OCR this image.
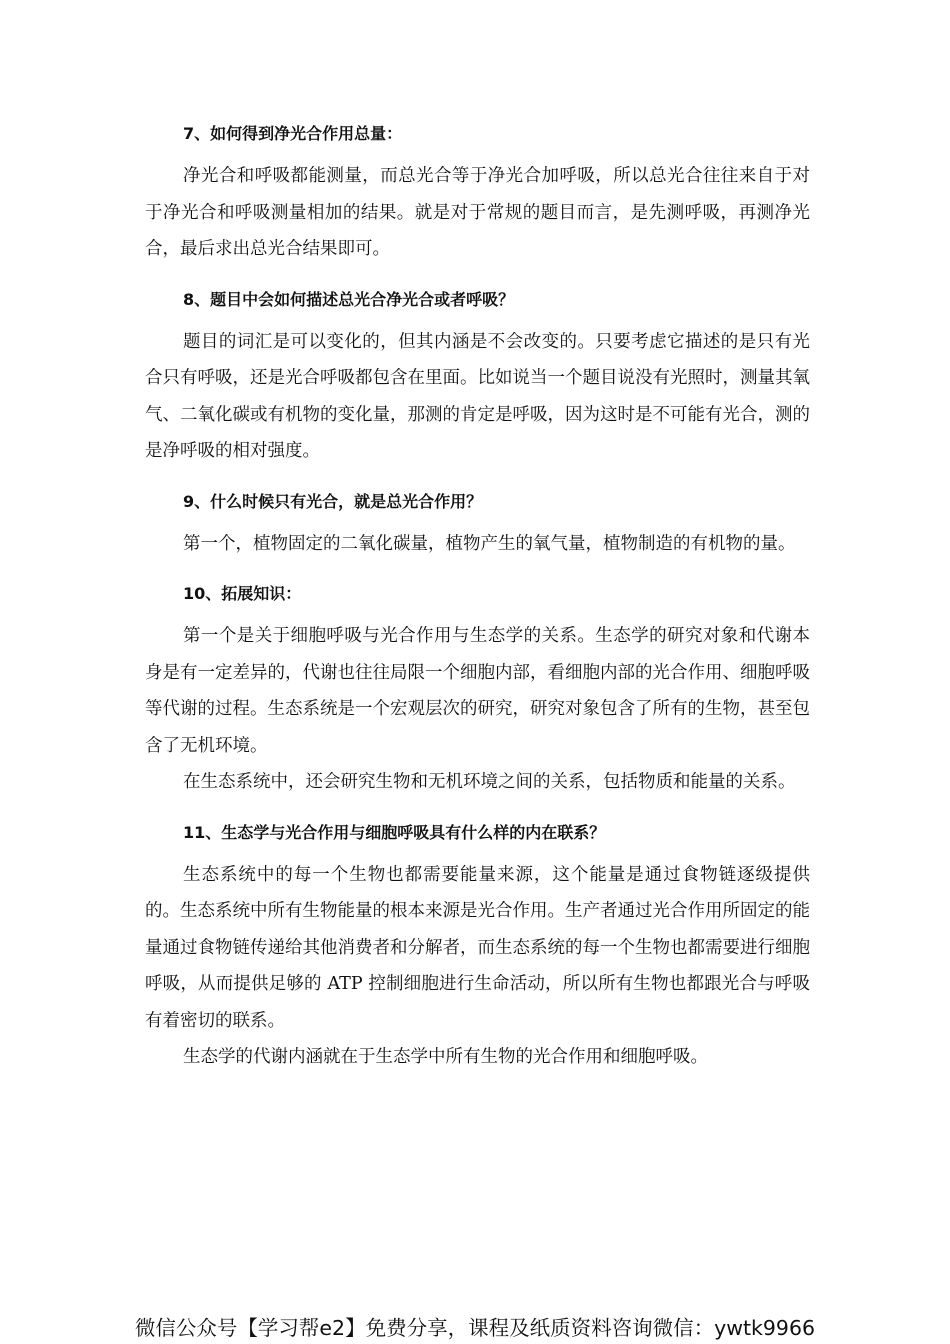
7、如何得到净光合作用总量：

净光合和呼吸都能测量，而总光合等于净光合加呼吸，所以总光合往往来自于对于净光合和呼吸测量相加的结果。就是对于常规的题目而言，是先测呼吸，再测净光合，最后求出总光合结果即可。

8、题目中会如何描述总光合净光合或者呼吸？

题目的词汇是可以变化的，但其内涵是不会改变的。只要考虑它描述的是只有光合只有呼吸，还是光合呼吸都包含在里面。比如说当一个题目说没有光照时，测量其氧气、二氧化碳或有机物的变化量，那测的肯定是呼吸，因为这时是不可能有光合，测的是净呼吸的相对强度。

9、什么时候只有光合，就是总光合作用？

第一个，植物固定的二氧化碳量，植物产生的氧气量，植物制造的有机物的量。

10、拓展知识：

第一个是关于细胞呼吸与光合作用与生态学的关系。生态学的研究对象和代谢本身是有一定差异的，代谢也往往局限一个细胞内部，看细胞内部的光合作用、细胞呼吸等代谢的过程。生态系统是一个宏观层次的研究，研究对象包含了所有的生物，甚至包含了无机环境。

在生态系统中，还会研究生物和无机环境之间的关系，包括物质和能量的关系。

11、生态学与光合作用与细胞呼吸具有什么样的内在联系？

生态系统中的每一个生物也都需要能量来源，这个能量是通过食物链逐级提供的。生态系统中所有生物能量的根本来源是光合作用。生产者通过光合作用所固定的能量通过食物链传递给其他消费者和分解者，而生态系统的每一个生物也都需要进行细胞呼吸，从而提供足够的 ATP 控制细胞进行生命活动，所以所有生物也都跟光合与呼吸有着密切的联系。

生态学的代谢内涵就在于生态学中所有生物的光合作用和细胞呼吸。

微信公众号【学习帮e2】免费分享，课程及纸质资料咨询微信：ywtk9966
